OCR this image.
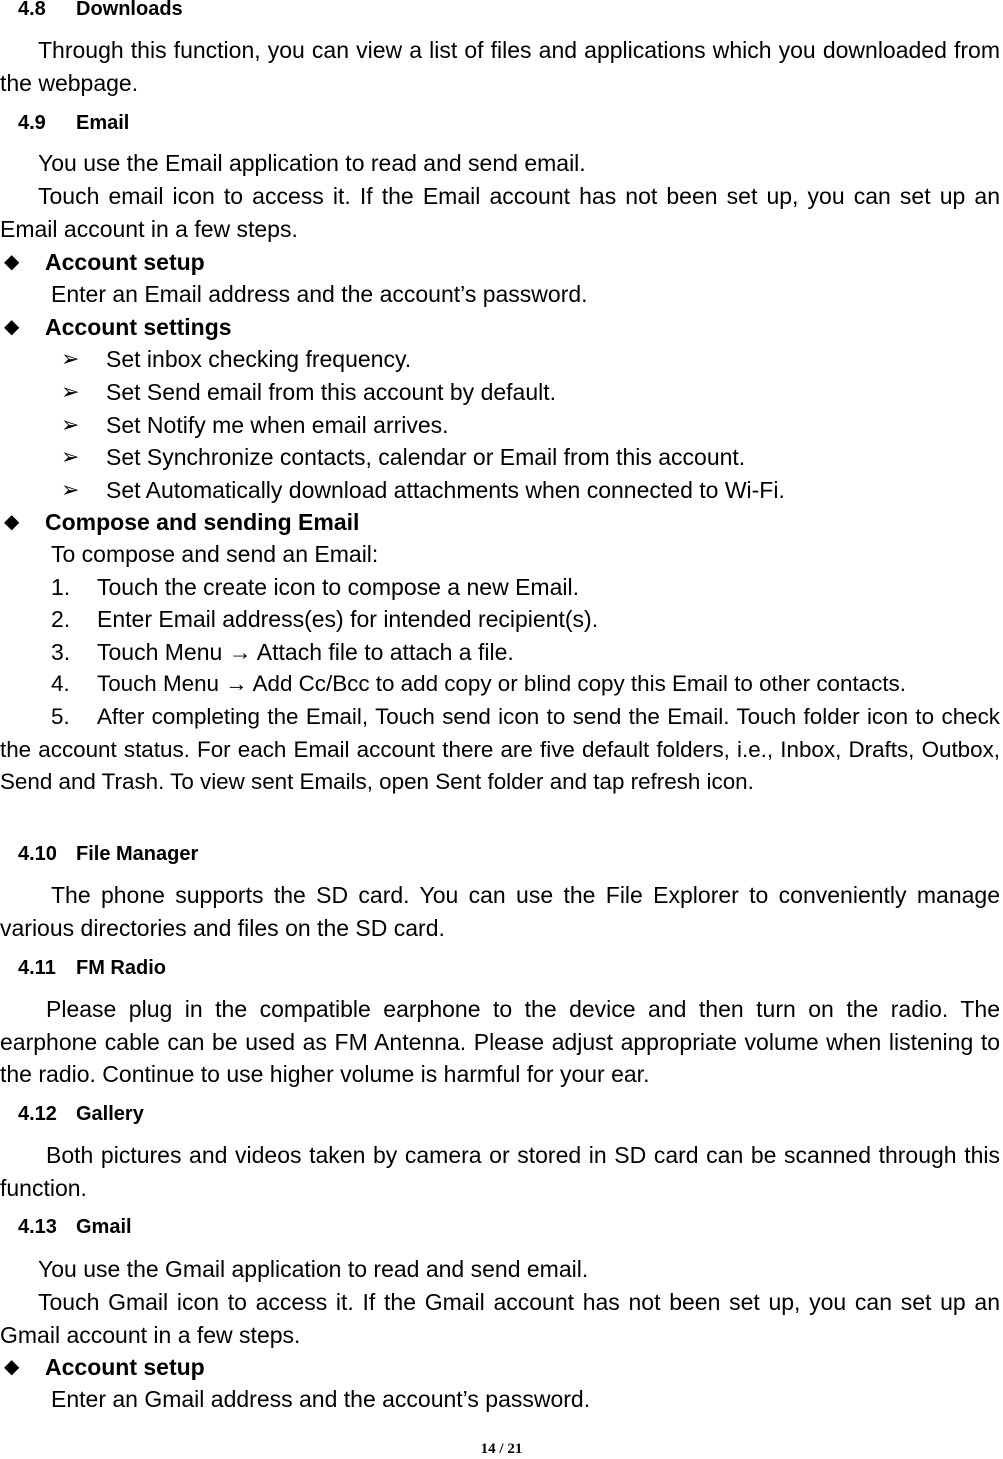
4.8 Downloads
Through this function, you can view a list of files and applications which you downloaded from the webpage.
4.9 Email
You use the Email application to read and send email.
Touch email icon to access it. If the Email account has not been set up, you can set up an Email account in a few steps.
◆ Account setup
Enter an Email address and the account’s password.
◆ Account settings
➢ Set inbox checking frequency.
➢ Set Send email from this account by default.
➢ Set Notify me when email arrives.
➢ Set Synchronize contacts, calendar or Email from this account.
➢ Set Automatically download attachments when connected to Wi-Fi.
◆ Compose and sending Email
To compose and send an Email:
1. Touch the create icon to compose a new Email.
2. Enter Email address(es) for intended recipient(s).
3. Touch Menu → Attach file to attach a file.
4. Touch Menu → Add Cc/Bcc to add copy or blind copy this Email to other contacts.
5. After completing the Email, Touch send icon to send the Email. Touch folder icon to check the account status. For each Email account there are five default folders, i.e., Inbox, Drafts, Outbox, Send and Trash. To view sent Emails, open Sent folder and tap refresh icon.
4.10 File Manager
The phone supports the SD card. You can use the File Explorer to conveniently manage various directories and files on the SD card.
4.11 FM Radio
Please plug in the compatible earphone to the device and then turn on the radio. The earphone cable can be used as FM Antenna. Please adjust appropriate volume when listening to the radio. Continue to use higher volume is harmful for your ear.
4.12 Gallery
Both pictures and videos taken by camera or stored in SD card can be scanned through this function.
4.13 Gmail
You use the Gmail application to read and send email.
Touch Gmail icon to access it. If the Gmail account has not been set up, you can set up an Gmail account in a few steps.
◆ Account setup
Enter an Gmail address and the account’s password.
14 / 21
